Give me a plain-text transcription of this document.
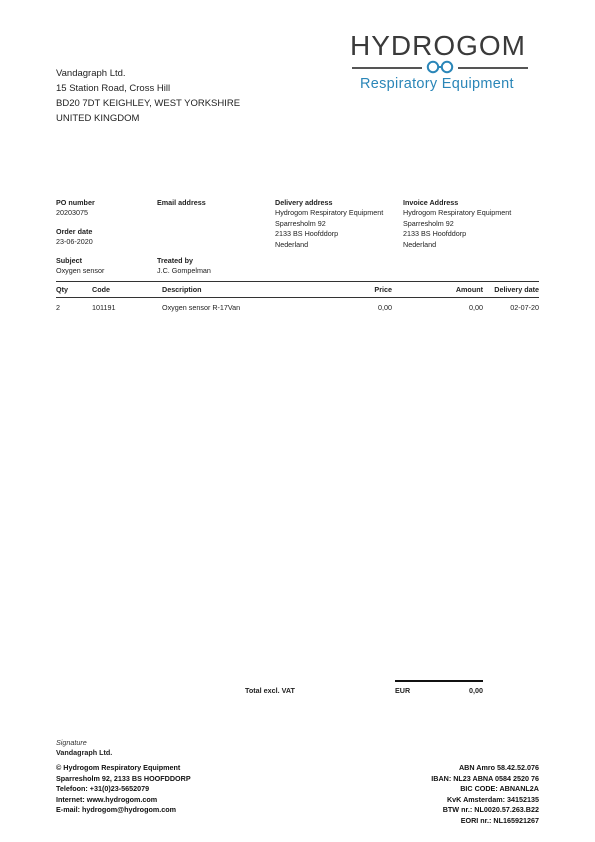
Vandagraph Ltd.
15 Station Road, Cross Hill
BD20 7DT KEIGHLEY, WEST YORKSHIRE
UNITED KINGDOM
HYDROGOM
Respiratory Equipment
PO number
20203075
Order date
23-06-2020
Email address	Delivery address
Hydrogom Respiratory Equipment
Sparresholm 92
2133 BS Hoofddorp
Nederland
Invoice Address
Hydrogom Respiratory Equipment
Sparresholm 92
2133 BS Hoofddorp
Nederland
Subject
Oxygen sensor
Treated by
J.C. Gompelman
Qty	Code	Description	Price	Amount	Delivery date
2	101191	Oxygen sensor R-17Van	0,00	0,00	02-07-20
Total excl. VAT	EUR	0,00
Signature
Vandagraph Ltd.
© Hydrogom Respiratory Equipment
Sparresholm 92, 2133 BS HOOFDDORP
Telefoon: +31(0)23-5652079
Internet: www.hydrogom.com
E-mail: hydrogom@hydrogom.com
ABN Amro 58.42.52.076
IBAN: NL23 ABNA 0584 2520 76
BIC CODE: ABNANL2A
KvK Amsterdam: 34152135
BTW nr.: NL0020.57.263.B22
EORI nr.: NL165921267
